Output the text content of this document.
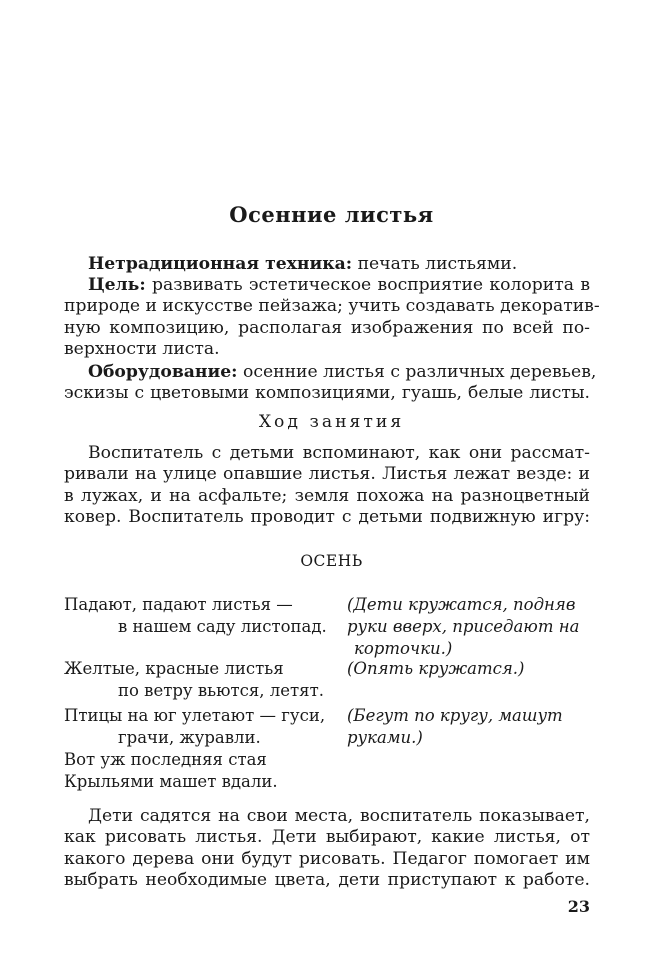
Осенние листья
Нетрадиционная техника: печать листьями.
Цель: развивать эстетическое восприятие колорита в
природе и искусстве пейзажа; учить создавать декоратив-
ную композицию, располагая изображения по всей по-
верхности листа.
Оборудование: осенние листья с различных деревьев,
эскизы с цветовыми композициями, гуашь, белые листы.
Ход занятия
Воспитатель с детьми вспоминают, как они рассмат-
ривали на улице опавшие листья. Листья лежат везде: и
в лужах, и на асфальте; земля похожа на разноцветный
ковер. Воспитатель проводит с детьми подвижную игру:
ОСЕНЬ
Падают, падают листья —
в нашем саду листопад.
Желтые, красные листья
по ветру вьются, летят.
Птицы на юг улетают — гуси,
грачи, журавли.
Вот уж последняя стая
Крыльями машет вдали.
(Дети кружатся, подняв
руки вверх, приседают на
корточки.)
(Опять кружатся.)
(Бегут по кругу, машут
руками.)
Дети садятся на свои места, воспитатель показывает,
как рисовать листья. Дети выбирают, какие листья, от
какого дерева они будут рисовать. Педагог помогает им
выбрать необходимые цвета, дети приступают к работе.
23
